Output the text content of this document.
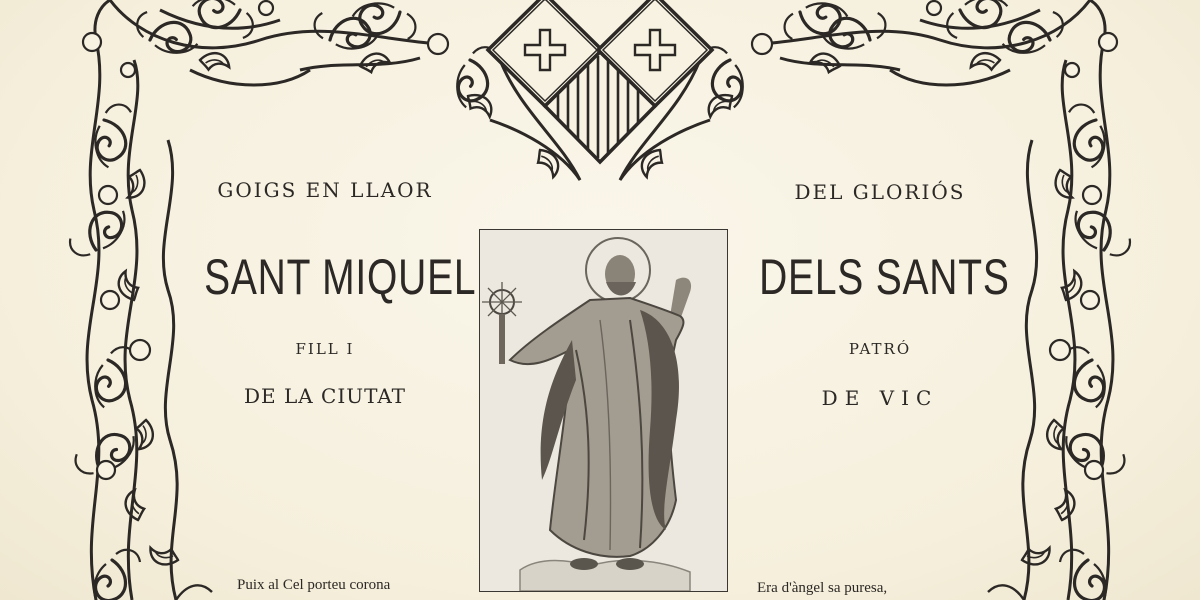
GOIGS EN LLAOR
SANT MIQUEL
FILL I
DE LA CIUTAT
DEL GLORIÓS
DELS SANTS
PATRÓ
DE VIC
Puix al Cel porteu corona	Era d'àngel sa puresa,
